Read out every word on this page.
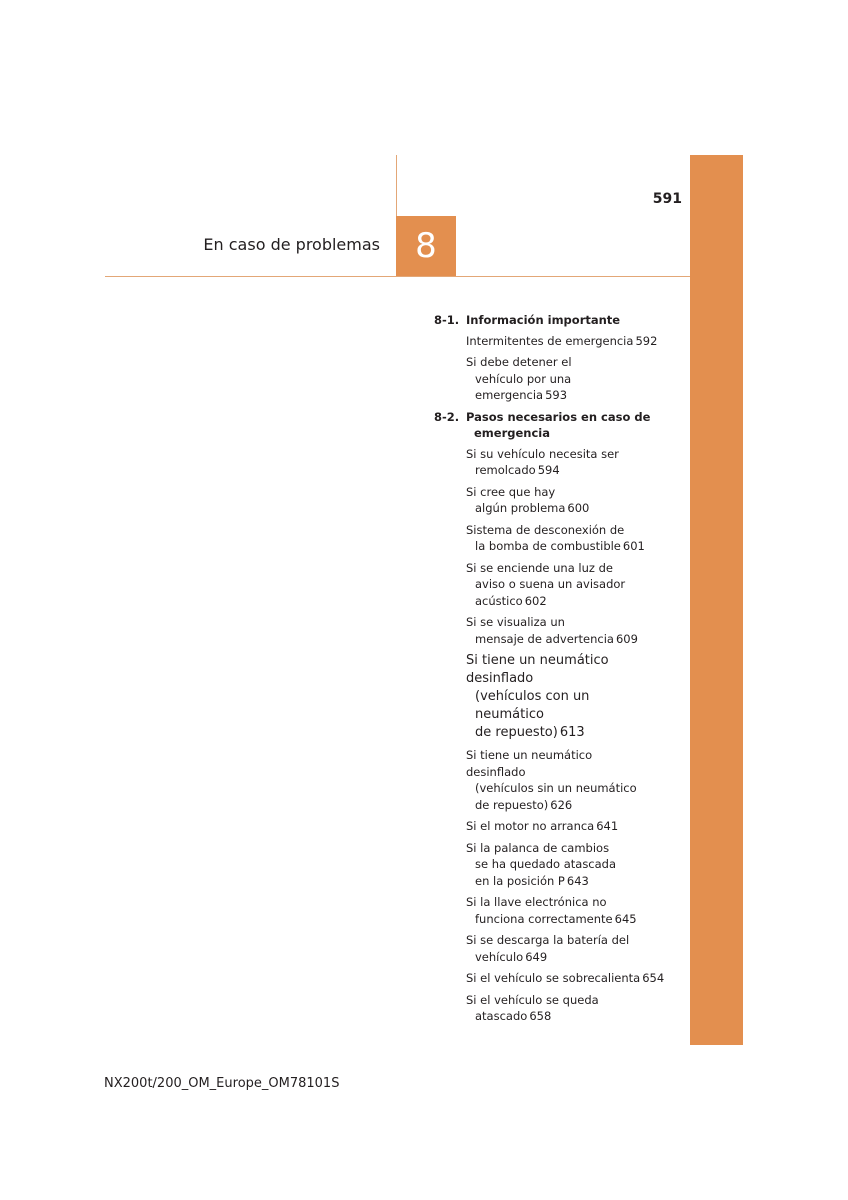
591
En caso de problemas	8
8-1. Información importante
Intermitentes de emergencia 592
Si debe detener el
vehículo por una
emergencia 593
8-2. Pasos necesarios en caso de
emergencia
Si su vehículo necesita ser
remolcado 594
Si cree que hay
algún problema 600
Sistema de desconexión de
la bomba de combustible 601
Si se enciende una luz de
aviso o suena un avisador
acústico 602
Si se visualiza un
mensaje de advertencia 609
Si tiene un neumático desinflado
(vehículos con un neumático
de repuesto) 613
Si tiene un neumático desinflado
(vehículos sin un neumático
de repuesto) 626
Si el motor no arranca 641
Si la palanca de cambios
se ha quedado atascada
en la posición P 643
Si la llave electrónica no
funciona correctamente 645
Si se descarga la batería del
vehículo 649
Si el vehículo se sobrecalienta 654
Si el vehículo se queda
atascado 658
NX200t/200_OM_Europe_OM78101S
